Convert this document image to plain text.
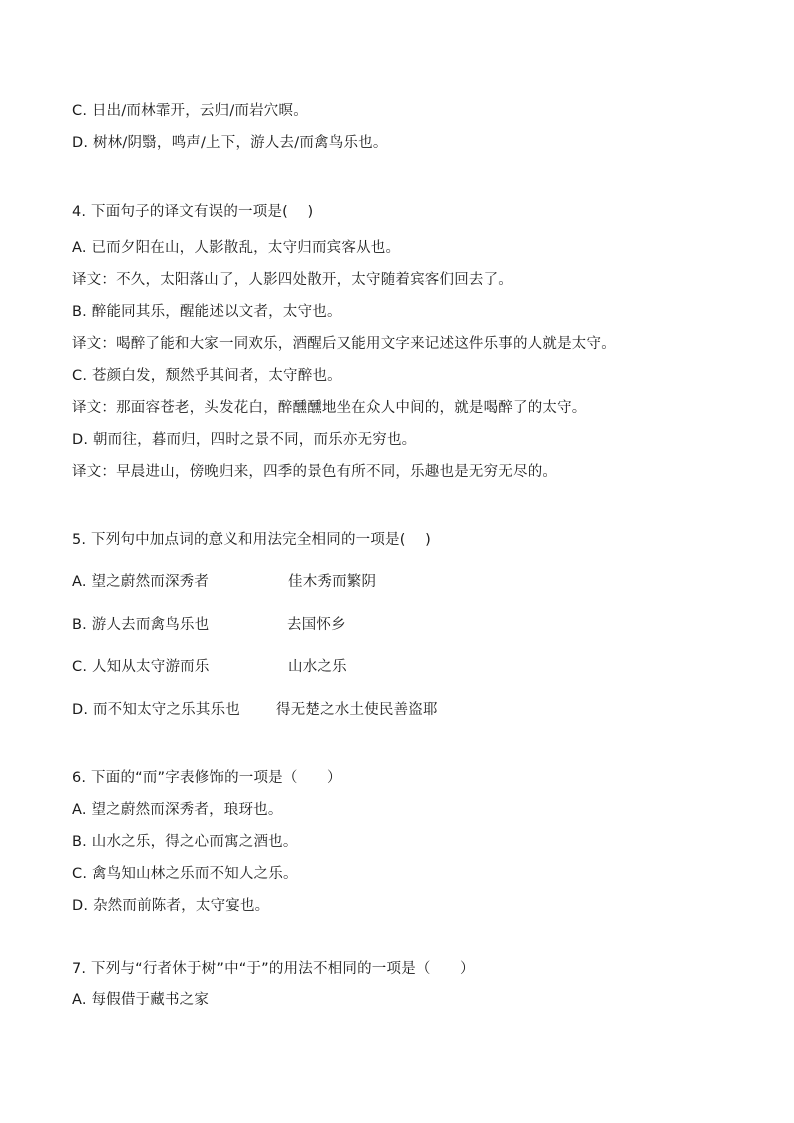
C. 日出/而林霏开，云归/而岩穴暝。
D. 树林/阴翳，鸣声/上下，游人去/而禽鸟乐也。
4. 下面句子的译文有误的一项是(　 )
A. 已而夕阳在山，人影散乱，太守归而宾客从也。
译文：不久，太阳落山了，人影四处散开，太守随着宾客们回去了。
B. 醉能同其乐，醒能述以文者，太守也。
译文：喝醉了能和大家一同欢乐，酒醒后又能用文字来记述这件乐事的人就是太守。
C. 苍颜白发，颓然乎其间者，太守醉也。
译文：那面容苍老，头发花白，醉醺醺地坐在众人中间的，就是喝醉了的太守。
D. 朝而往，暮而归，四时之景不同，而乐亦无穷也。
译文：早晨进山，傍晚归来，四季的景色有所不同，乐趣也是无穷无尽的。
5. 下列句中加点词的意义和用法完全相同的一项是(　 )
A. 望之蔚然而深秀者	佳木秀而繁阴
B. 游人去而禽鸟乐也	去国怀乡
C. 人知从太守游而乐	山水之乐
D. 而不知太守之乐其乐也 得无楚之水土使民善盗耶
6. 下面的“而”字表修饰的一项是（　　）
A. 望之蔚然而深秀者，琅玡也。
B. 山水之乐，得之心而寓之酒也。
C. 禽鸟知山林之乐而不知人之乐。
D. 杂然而前陈者，太守宴也。
7. 下列与“行者休于树”中“于”的用法不相同的一项是（　　）
A. 每假借于藏书之家
